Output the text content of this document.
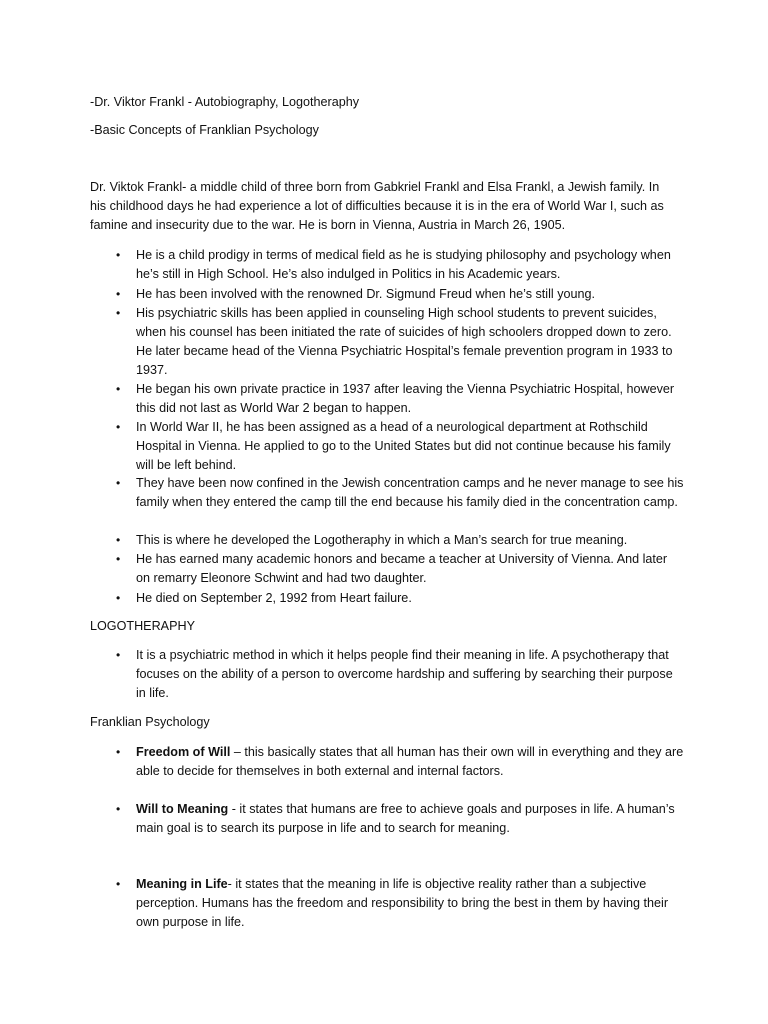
-Dr. Viktor Frankl - Autobiography, Logotheraphy
-Basic Concepts of Franklian Psychology
Dr. Viktok Frankl- a middle child of three born from Gabkriel Frankl and Elsa Frankl, a Jewish family. In his childhood days he had experience a lot of difficulties because it is in the era of World War I, such as famine and insecurity due to the war. He is born in Vienna, Austria in March 26, 1905.
• He is a child prodigy in terms of medical field as he is studying philosophy and psychology when he’s still in High School. He’s also indulged in Politics in his Academic years.
• He has been involved with the renowned Dr. Sigmund Freud when he’s still young.
• His psychiatric skills has been applied in counseling High school students to prevent suicides, when his counsel has been initiated the rate of suicides of high schoolers dropped down to zero. He later became head of the Vienna Psychiatric Hospital’s female prevention program in 1933 to 1937.
• He began his own private practice in 1937 after leaving the Vienna Psychiatric Hospital, however this did not last as World War 2 began to happen.
• In World War II, he has been assigned as a head of a neurological department at Rothschild Hospital in Vienna. He applied to go to the United States but did not continue because his family will be left behind.
• They have been now confined in the Jewish concentration camps and he never manage to see his family when they entered the camp till the end because his family died in the concentration camp.
• This is where he developed the Logotheraphy in which a Man’s search for true meaning.
• He has earned many academic honors and became a teacher at University of Vienna. And later on remarry Eleonore Schwint and had two daughter.
• He died on September 2, 1992 from Heart failure.
LOGOTHERAPHY
• It is a psychiatric method in which it helps people find their meaning in life. A psychotherapy that focuses on the ability of a person to overcome hardship and suffering by searching their purpose in life.
Franklian Psychology
• Freedom of Will – this basically states that all human has their own will in everything and they are able to decide for themselves in both external and internal factors.
• Will to Meaning - it states that humans are free to achieve goals and purposes in life. A human’s main goal is to search its purpose in life and to search for meaning.
• Meaning in Life- it states that the meaning in life is objective reality rather than a subjective perception. Humans has the freedom and responsibility to bring the best in them by having their own purpose in life.
